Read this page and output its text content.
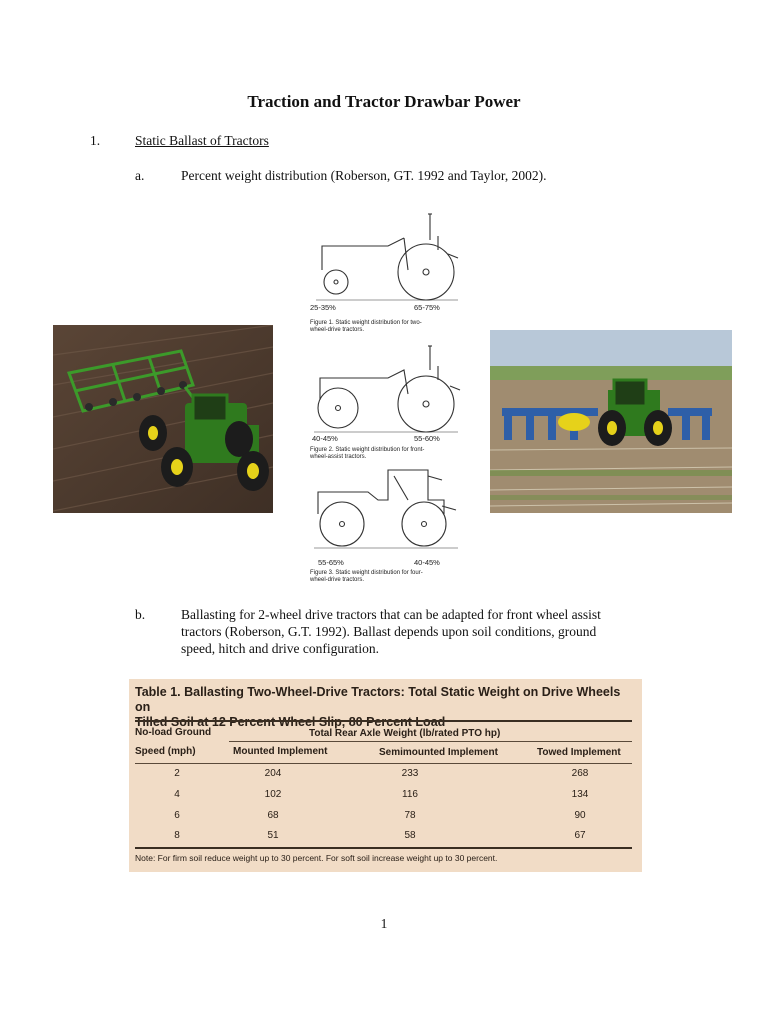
Traction and Tractor Drawbar Power
1.	Static Ballast of Tractors
a.	Percent weight distribution (Roberson, GT. 1992 and Taylor, 2002).
25-35%	65-75%
Figure 1. Static weight distribution for two-
wheel-drive tractors.
40-45%	55-60%
Figure 2. Static weight distribution for front-
wheel-assist tractors.
55-65%	40-45%
Figure 3. Static weight distribution for four-
wheel-drive tractors.
b.	Ballasting for 2-wheel drive tractors that can be adapted for front wheel assist
tractors (Roberson, G.T. 1992). Ballast depends upon soil conditions, ground
speed, hitch and drive configuration.
Table 1. Ballasting Two-Wheel-Drive Tractors: Total Static Weight on Drive Wheels on
Tilled Soil at 12 Percent Wheel Slip, 80 Percent Load
No-load Ground
Speed (mph)
Total Rear Axle Weight (lb/rated PTO hp)
Mounted Implement	Semimounted Implement	Towed Implement
2	204	233	268
4	102	116	134
6	68	78	90
8	51	58	67
Note: For firm soil reduce weight up to 30 percent. For soft soil increase weight up to 30 percent.
1
